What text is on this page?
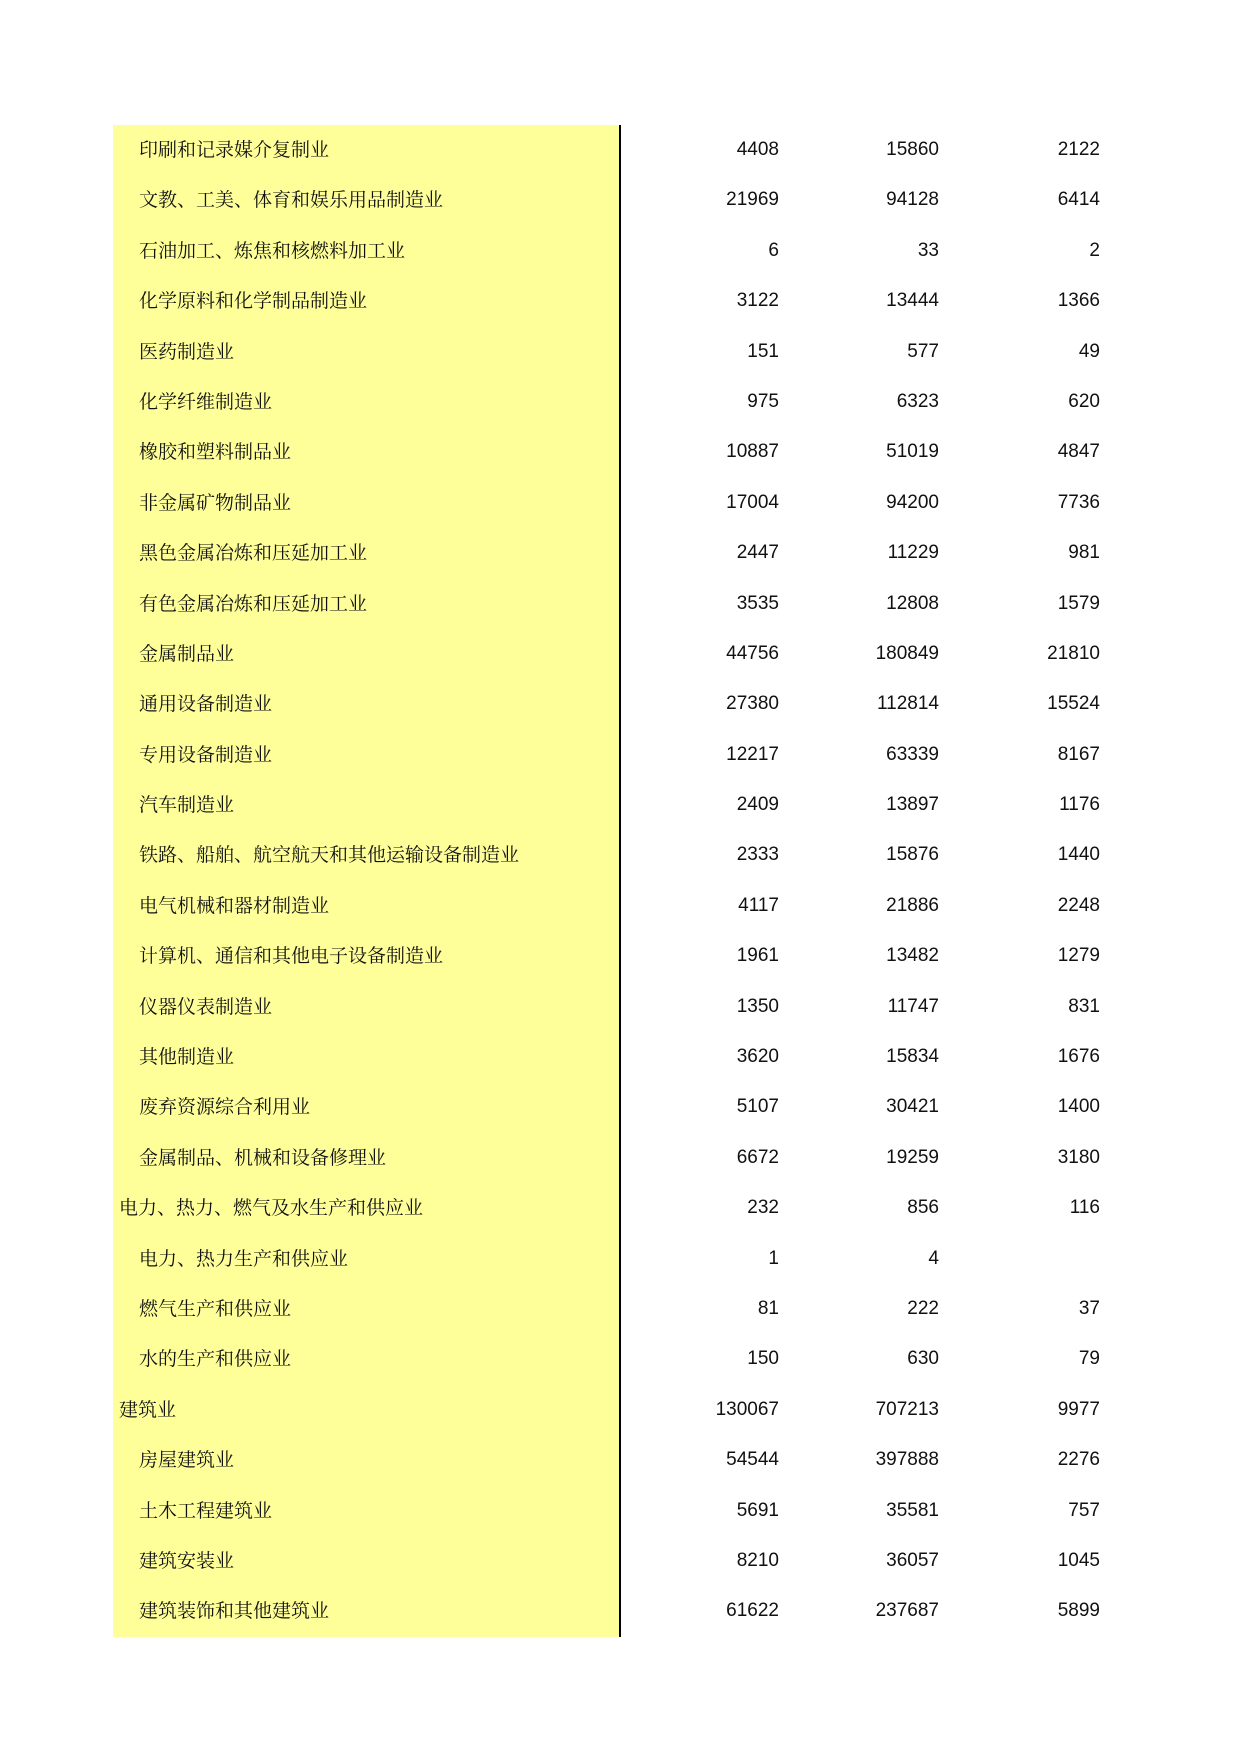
印刷和记录媒介复制业	4408	15860	2122
文教、工美、体育和娱乐用品制造业	21969	94128	6414
石油加工、炼焦和核燃料加工业	6	33	2
化学原料和化学制品制造业	3122	13444	1366
医药制造业	151	577	49
化学纤维制造业	975	6323	620
橡胶和塑料制品业	10887	51019	4847
非金属矿物制品业	17004	94200	7736
黑色金属冶炼和压延加工业	2447	11229	981
有色金属冶炼和压延加工业	3535	12808	1579
金属制品业	44756	180849	21810
通用设备制造业	27380	112814	15524
专用设备制造业	12217	63339	8167
汽车制造业	2409	13897	1176
铁路、船舶、航空航天和其他运输设备制造业	2333	15876	1440
电气机械和器材制造业	4117	21886	2248
计算机、通信和其他电子设备制造业	1961	13482	1279
仪器仪表制造业	1350	11747	831
其他制造业	3620	15834	1676
废弃资源综合利用业	5107	30421	1400
金属制品、机械和设备修理业	6672	19259	3180
电力、热力、燃气及水生产和供应业	232	856	116
电力、热力生产和供应业	1	4
燃气生产和供应业	81	222	37
水的生产和供应业	150	630	79
建筑业	130067	707213	9977
房屋建筑业	54544	397888	2276
土木工程建筑业	5691	35581	757
建筑安装业	8210	36057	1045
建筑装饰和其他建筑业	61622	237687	5899
